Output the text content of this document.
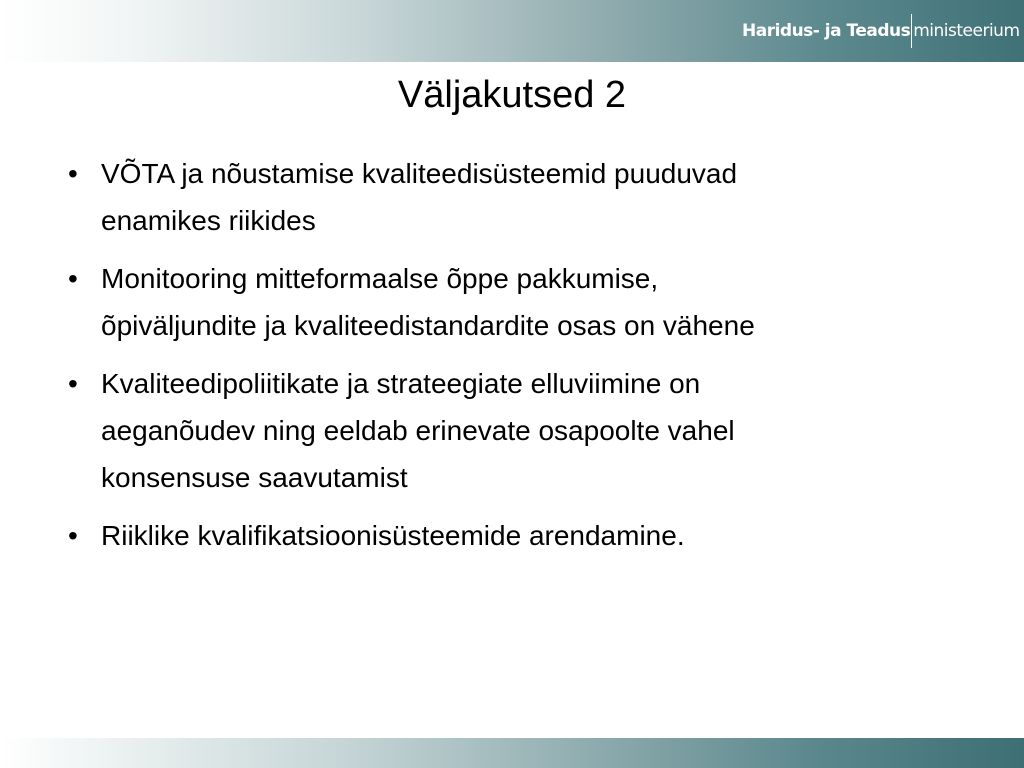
Haridus- ja Teadus ministeerium
Väljakutsed 2
• VÕTA ja nõustamise kvaliteedisüsteemid puuduvad
enamikes riikides
• Monitooring mitteformaalse õppe pakkumise,
õpiväljundite ja kvaliteedistandardite osas on vähene
• Kvaliteedipoliitikate ja strateegiate elluviimine on
aeganõudev ning eeldab erinevate osapoolte vahel
konsensuse saavutamist
• Riiklike kvalifikatsioonisüsteemide arendamine.
